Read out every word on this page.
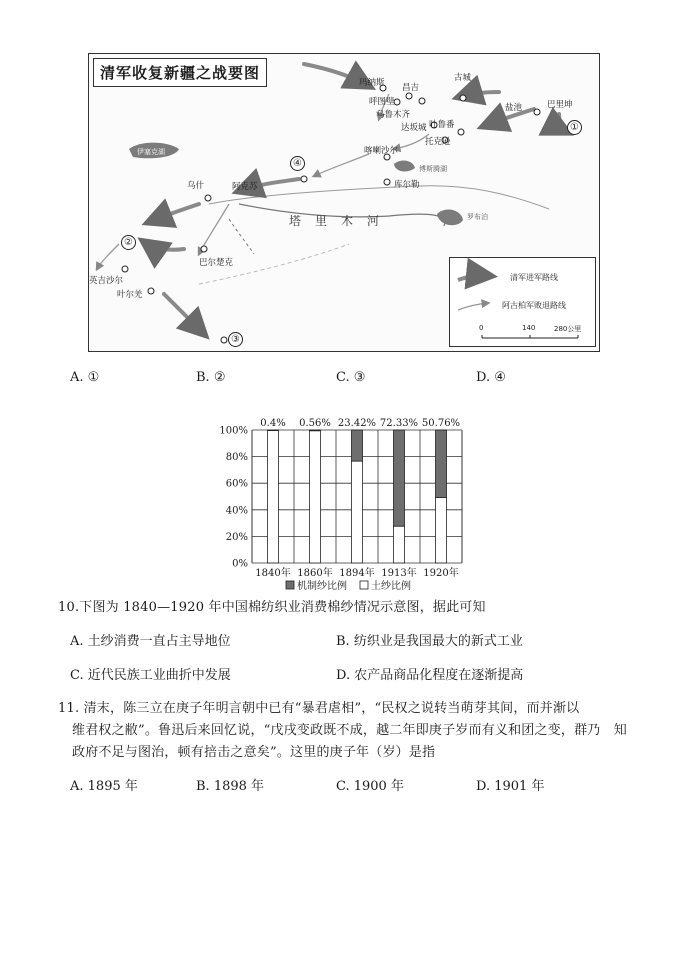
清军收复新疆之战要图
玛纳斯 昌吉
古城
呼图壁
乌鲁木齐
盐池	巴里坤
达坂城 吐鲁番
托克逊
喀喇沙尔
库尔勒
乌什	阿克苏
英吉沙尔
叶尔羌
巴尔楚克
伊塞克湖
博斯腾湖
罗布泊
塔里木河
①
②
③
④
清军进军路线
阿古柏军败退路线
0	140	280公里
A. ①	B. ②	C. ③	D. ④
0%
20%
40%
60%
80%
100%
0.4%
1840年
0.56%
1860年
23.42%
1894年
72.33%
1913年
50.76%
1920年
机制纱比例 土纱比例
10.下图为 1840—1920 年中国棉纺织业消费棉纱情况示意图，据此可知
A. 土纱消费一直占主导地位	B. 纺织业是我国最大的新式工业
C. 近代民族工业曲折中发展	D. 农产品商品化程度在逐渐提高
11. 清末，陈三立在庚子年明言朝中已有“暴君虐相”，“民权之说转当萌芽其间，而并渐以
维君权之敝”。鲁迅后来回忆说，“戊戌变政既不成，越二年即庚子岁而有义和团之变，群乃　知
政府不足与图治，顿有掊击之意矣”。这里的庚子年（岁）是指
A. 1895 年	B. 1898 年	C. 1900 年	D. 1901 年
